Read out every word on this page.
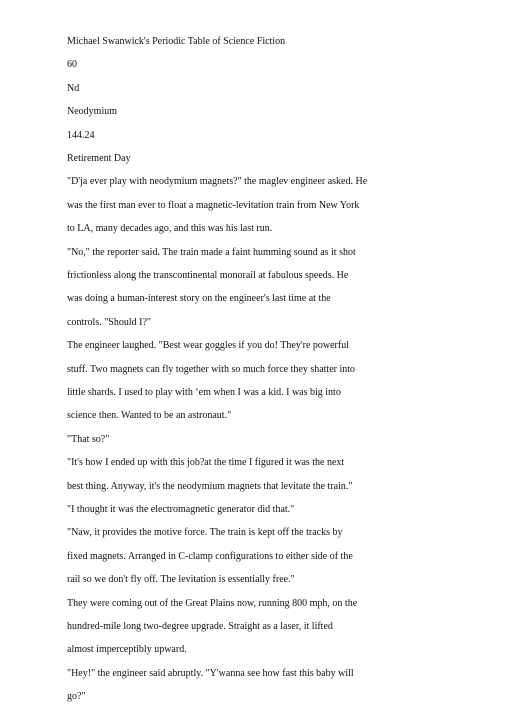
Michael Swanwick's Periodic Table of Science Fiction
60
Nd
Neodymium
144.24
Retirement Day
"D'ja ever play with neodymium magnets?" the maglev engineer asked. He
was the first man ever to float a magnetic-levitation train from New York
to LA, many decades ago, and this was his last run.
"No," the reporter said. The train made a faint humming sound as it shot
frictionless along the transcontinental monorail at fabulous speeds. He
was doing a human-interest story on the engineer's last time at the
controls. "Should I?"
The engineer laughed. "Best wear goggles if you do! They're powerful
stuff. Two magnets can fly together with so much force they shatter into
little shards. I used to play with ‘em when I was a kid. I was big into
science then. Wanted to be an astronaut."
"That so?"
"It's how I ended up with this job?at the time I figured it was the next
best thing. Anyway, it's the neodymium magnets that levitate the train."
"I thought it was the electromagnetic generator did that."
"Naw, it provides the motive force. The train is kept off the tracks by
fixed magnets. Arranged in C-clamp configurations to either side of the
rail so we don't fly off. The levitation is essentially free."
They were coming out of the Great Plains now, running 800 mph, on the
hundred-mile long two-degree upgrade. Straight as a laser, it lifted
almost imperceptibly upward.
"Hey!" the engineer said abruptly. "Y'wanna see how fast this baby will
go?"
